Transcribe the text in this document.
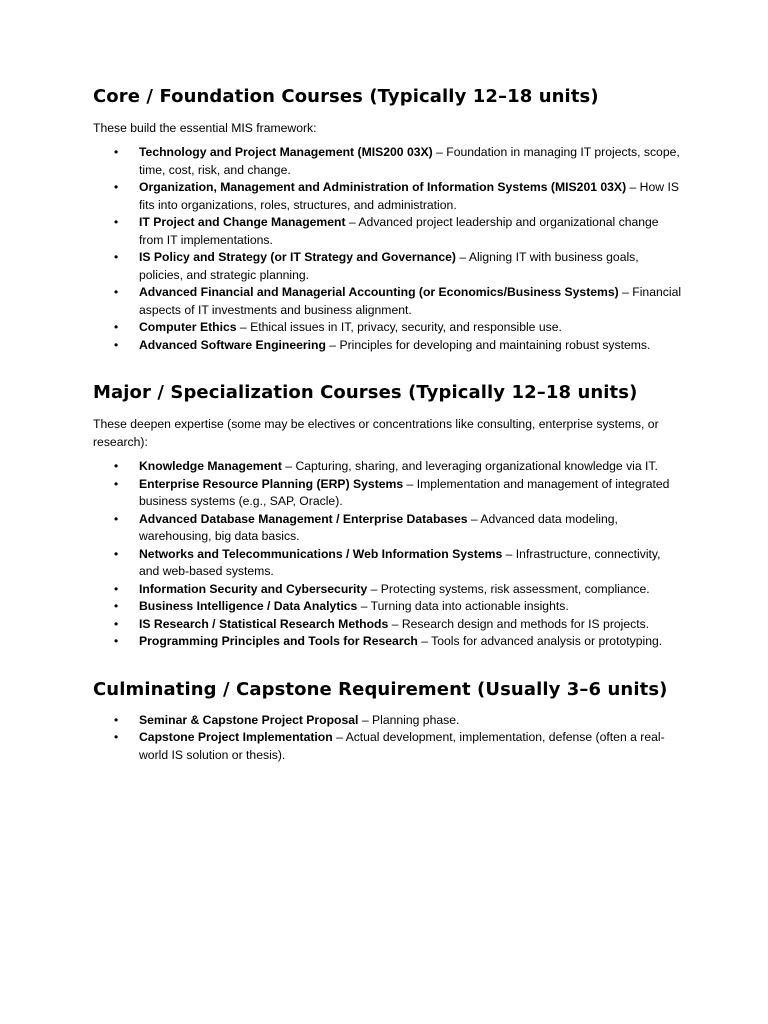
Core / Foundation Courses (Typically 12–18 units)

These build the essential MIS framework:

• Technology and Project Management (MIS200 03X) – Foundation in managing IT projects, scope, time, cost, risk, and change.
• Organization, Management and Administration of Information Systems (MIS201 03X) – How IS fits into organizations, roles, structures, and administration.
• IT Project and Change Management – Advanced project leadership and organizational change from IT implementations.
• IS Policy and Strategy (or IT Strategy and Governance) – Aligning IT with business goals, policies, and strategic planning.
• Advanced Financial and Managerial Accounting (or Economics/Business Systems) – Financial aspects of IT investments and business alignment.
• Computer Ethics – Ethical issues in IT, privacy, security, and responsible use.
• Advanced Software Engineering – Principles for developing and maintaining robust systems.
Major / Specialization Courses (Typically 12–18 units)

These deepen expertise (some may be electives or concentrations like consulting, enterprise systems, or research):

• Knowledge Management – Capturing, sharing, and leveraging organizational knowledge via IT.
• Enterprise Resource Planning (ERP) Systems – Implementation and management of integrated business systems (e.g., SAP, Oracle).
• Advanced Database Management / Enterprise Databases – Advanced data modeling, warehousing, big data basics.
• Networks and Telecommunications / Web Information Systems – Infrastructure, connectivity, and web-based systems.
• Information Security and Cybersecurity – Protecting systems, risk assessment, compliance.
• Business Intelligence / Data Analytics – Turning data into actionable insights.
• IS Research / Statistical Research Methods – Research design and methods for IS projects.
• Programming Principles and Tools for Research – Tools for advanced analysis or prototyping.
Culminating / Capstone Requirement (Usually 3–6 units)
• Seminar & Capstone Project Proposal – Planning phase.
• Capstone Project Implementation – Actual development, implementation, defense (often a real-world IS solution or thesis).
